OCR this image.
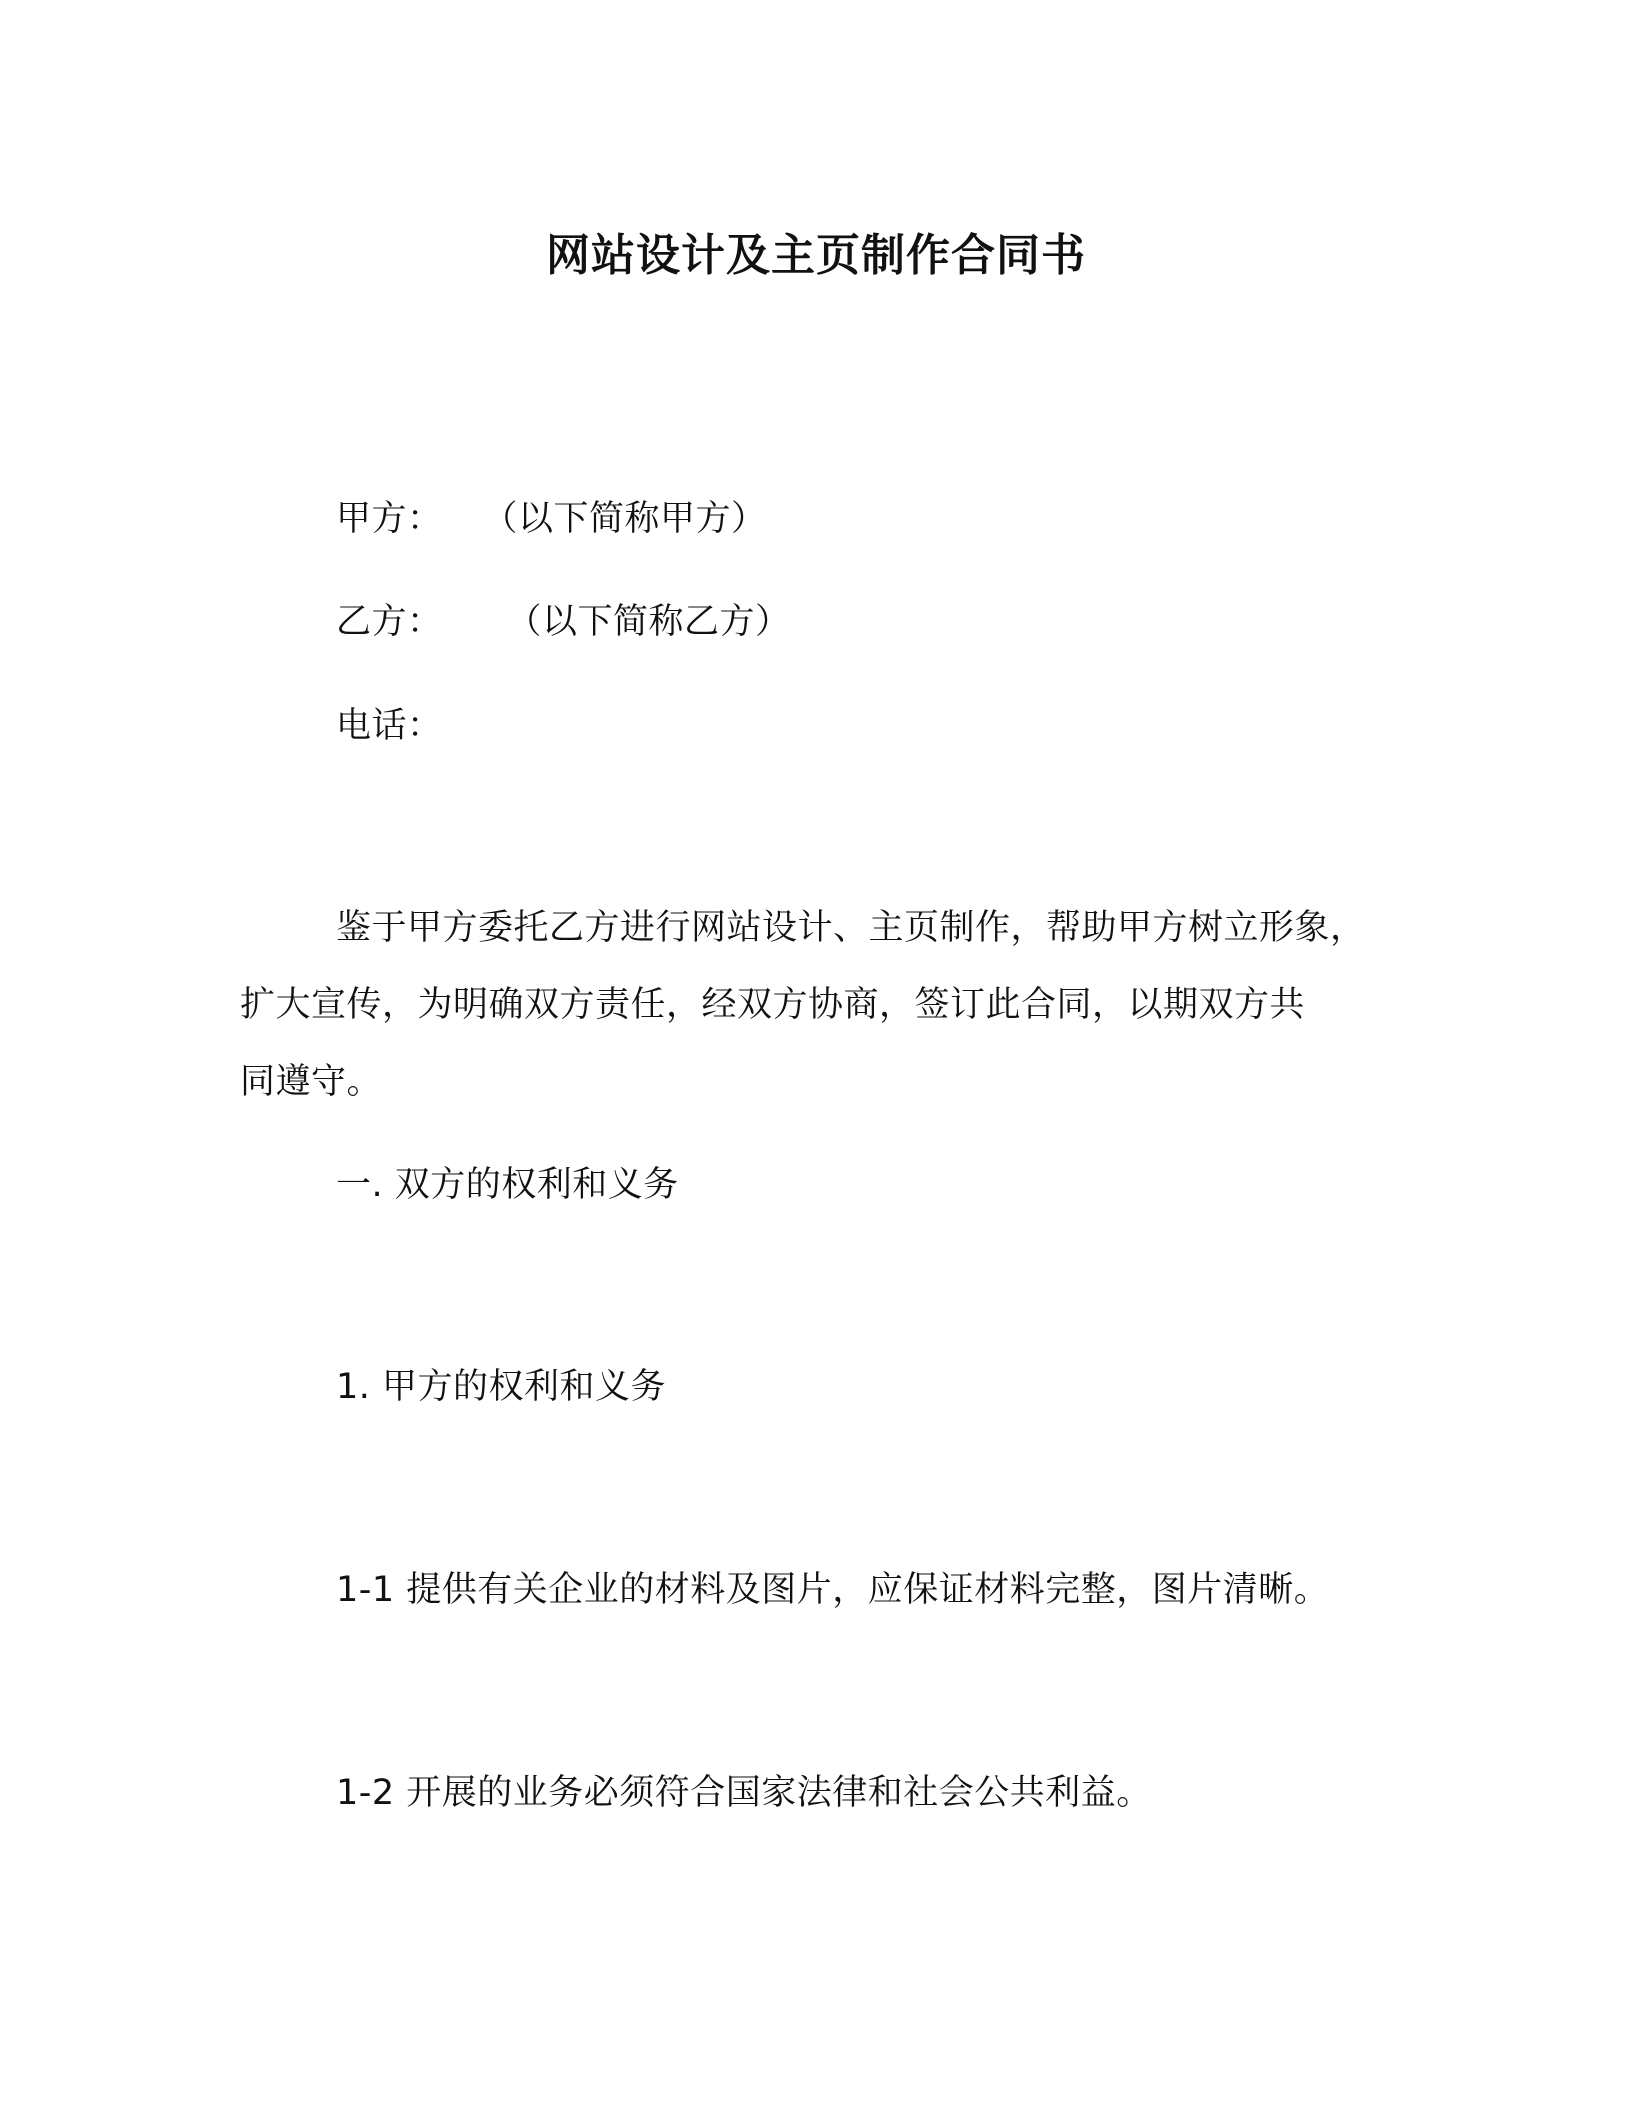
网站设计及主页制作合同书
甲方： （以下简称甲方）
乙方： （以下简称乙方）
电话：
鉴于甲方委托乙方进行网站设计、主页制作，帮助甲方树立形象，
扩大宣传，为明确双方责任，经双方协商，签订此合同，以期双方共
同遵守。
一. 双方的权利和义务
1. 甲方的权利和义务
1-1 提供有关企业的材料及图片，应保证材料完整，图片清晰。
1-2 开展的业务必须符合国家法律和社会公共利益。
